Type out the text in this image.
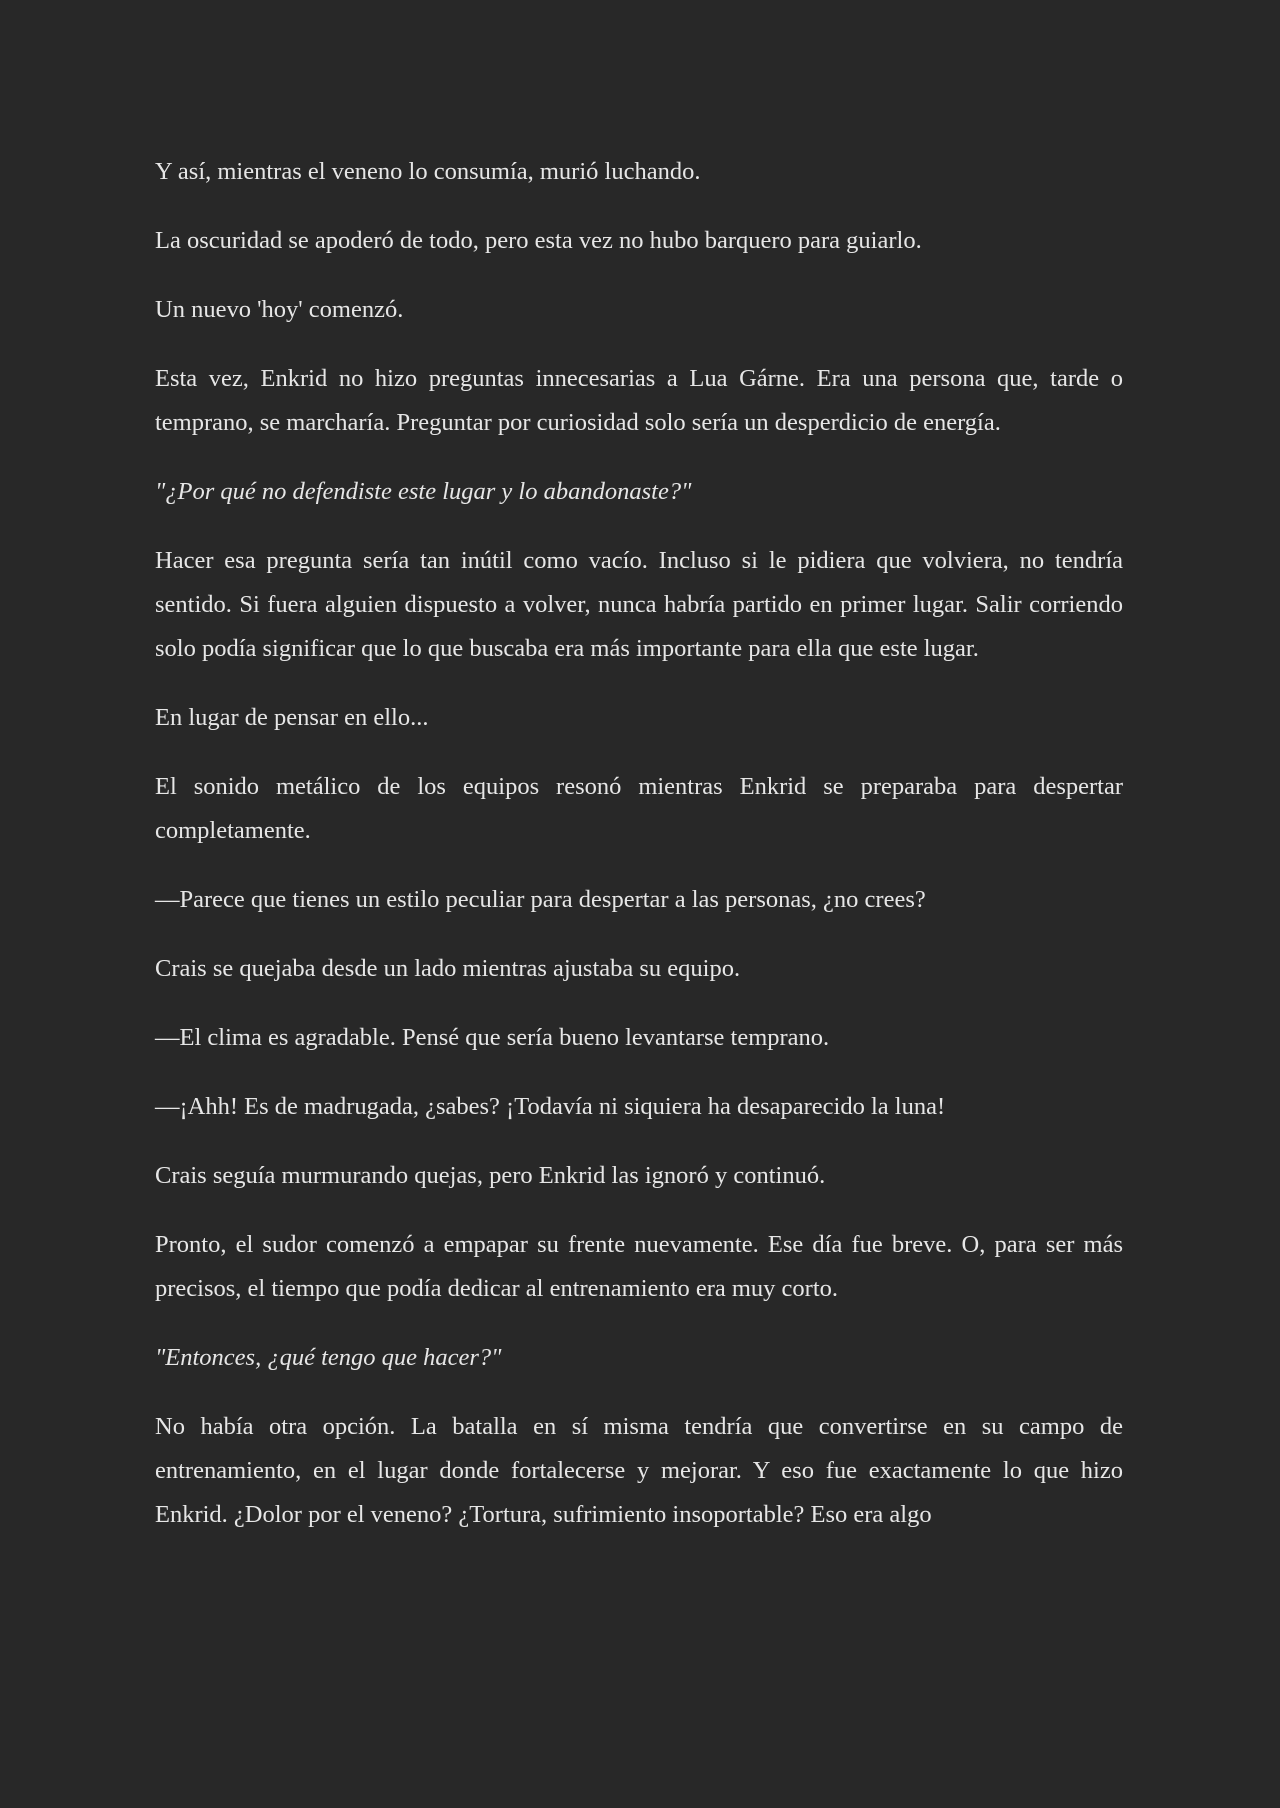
Y así, mientras el veneno lo consumía, murió luchando.

La oscuridad se apoderó de todo, pero esta vez no hubo barquero para guiarlo.

Un nuevo 'hoy' comenzó.

Esta vez, Enkrid no hizo preguntas innecesarias a Lua Gárne. Era una persona que, tarde o temprano, se marcharía. Preguntar por curiosidad solo sería un desperdicio de energía.

"¿Por qué no defendiste este lugar y lo abandonaste?"

Hacer esa pregunta sería tan inútil como vacío. Incluso si le pidiera que volviera, no tendría sentido. Si fuera alguien dispuesto a volver, nunca habría partido en primer lugar. Salir corriendo solo podía significar que lo que buscaba era más importante para ella que este lugar.

En lugar de pensar en ello...

El sonido metálico de los equipos resonó mientras Enkrid se preparaba para despertar completamente.

—Parece que tienes un estilo peculiar para despertar a las personas, ¿no crees?

Crais se quejaba desde un lado mientras ajustaba su equipo.

—El clima es agradable. Pensé que sería bueno levantarse temprano.

—¡Ahh! Es de madrugada, ¿sabes? ¡Todavía ni siquiera ha desaparecido la luna!

Crais seguía murmurando quejas, pero Enkrid las ignoró y continuó.

Pronto, el sudor comenzó a empapar su frente nuevamente. Ese día fue breve. O, para ser más precisos, el tiempo que podía dedicar al entrenamiento era muy corto.

"Entonces, ¿qué tengo que hacer?"

No había otra opción. La batalla en sí misma tendría que convertirse en su campo de entrenamiento, en el lugar donde fortalecerse y mejorar. Y eso fue exactamente lo que hizo Enkrid. ¿Dolor por el veneno? ¿Tortura, sufrimiento insoportable? Eso era algo
